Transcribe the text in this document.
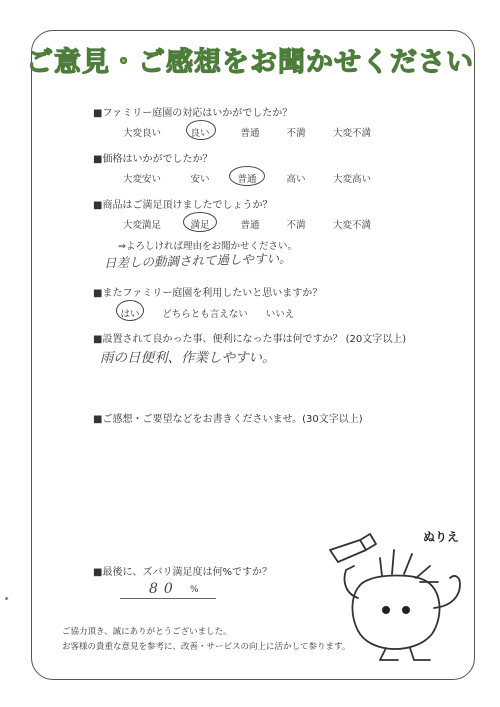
ご意見・ご感想をお聞かせください
■ファミリー庭園の対応はいかがでしたか？
大変良い	良い	普通	不満	大変不満
■価格はいかがでしたか？
大変安い	安い	普通	高い	大変高い
■商品はご満足頂けましたでしょうか？
大変満足	満足	普通	不満	大変不満
⇒よろしければ理由をお聞かせください。
日差しの動調されて過しやすい。
■またファミリー庭園を利用したいと思いますか？
はい どちらとも言えない いいえ
■設置されて良かった事、便利になった事は何ですか？ (20文字以上)
雨の日便利、作業しやすい。
■ご感想・ご要望などをお書きくださいませ。(30文字以上)
■最後に、ズバリ満足度は何%ですか？
80 %
ご協力頂き、誠にありがとうございました。
お客様の貴重な意見を参考に、改善・サービスの向上に活かして参ります。
ぬりえ
